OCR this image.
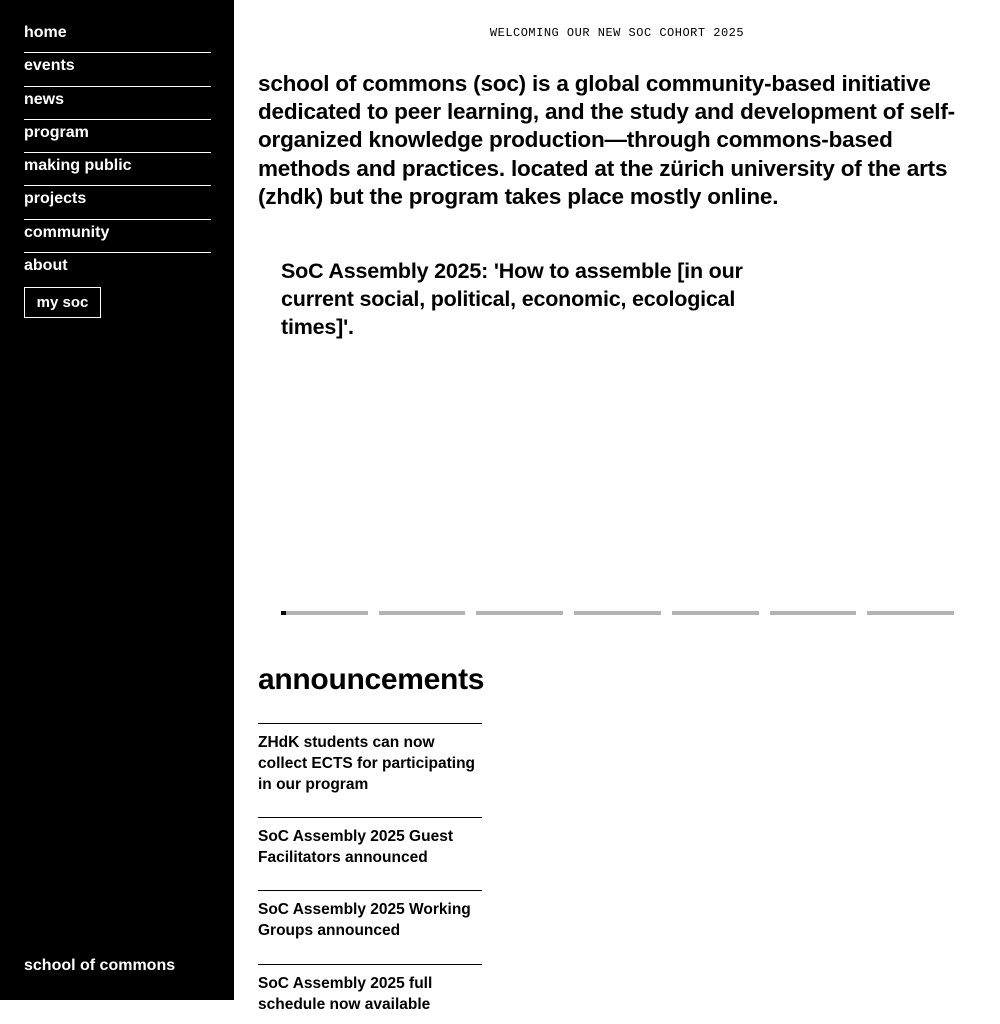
home
events
news
program
making public
projects
community
about
my soc
school of commons
WELCOMING OUR NEW SOC COHORT 2025

school of commons (soc) is a global community-based initiative dedicated to peer learning, and the study and development of self-organized knowledge production—through commons-based methods and practices. located at the zürich university of the arts (zhdk) but the program takes place mostly online.

SoC Assembly 2025: 'How to assemble [in our current social, political, economic, ecological times]'.
announcements
ZHdK students can now collect ECTS for participating in our program
SoC Assembly 2025 Guest Facilitators announced
SoC Assembly 2025 Working Groups announced
SoC Assembly 2025 full schedule now available
